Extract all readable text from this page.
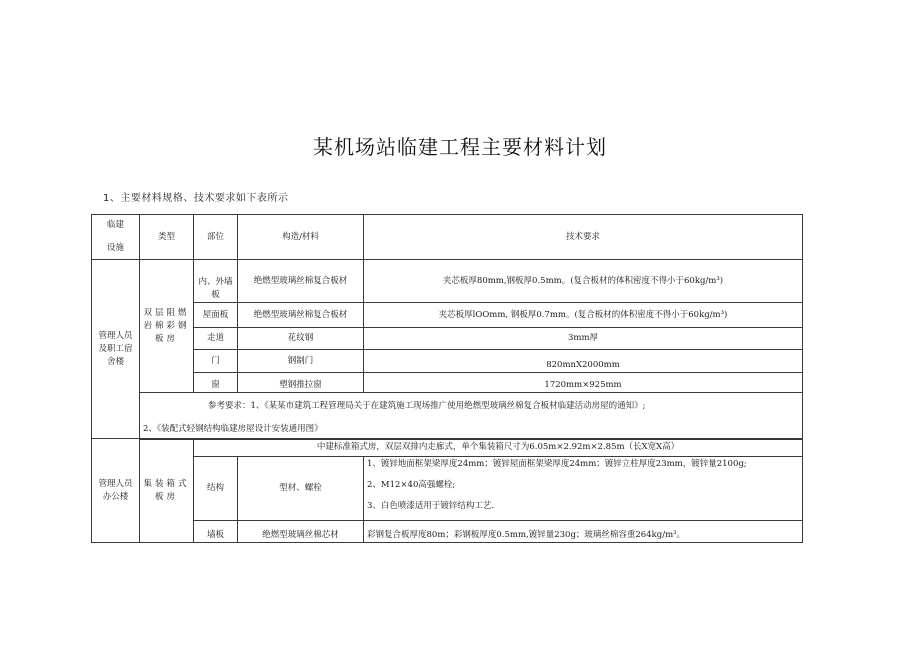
某机场站临建工程主要材料计划
1、主要材料规格、技术要求如下表所示
临建
设施	类型	部位	构造/材料	技术要求
管理人员及职工宿舍楼	双层阻燃岩棉彩钢板房	内、外墙板	绝燃型玻璃丝棉复合板材	夹芯板厚80mm,钢板厚0.5mm。(复合板材的体积密度不得小于60kg/m³)
		屋面板	绝燃型玻璃丝棉复合板材	夹芯板厚lOOmm, 钢板厚0.7mm。(复合板材的体积密度不得小于60kg/m³)
		走道	花纹钢	3mm厚
		门	钢制门	820mnX2000mm
		窗	塑钢推拉窗	1720mm×925mm
	参考要求：1、《某某市建筑工程管理局关于在建筑施工现场推广使用绝燃型玻璃丝棉复合板材临建活动房屋的通知》;			
	2、《装配式轻钢结构临建房屋设计安装通用图》			
管理人员办公楼	集装箱式板房	中建标准箱式房，双层双排内走廊式，单个集装箱尺寸为6.05m×2.92m×2.85m（长X宽X高）		
		结构	型材、螺栓	1、镀锌地面框架梁厚度24mm；镀锌屋面框架梁厚度24mm；镀锌立柱厚度23mm，镀锌量2100g;
2、M12×40高强螺栓;
3、白色喷漆适用于镀锌结构工艺.

		墙板	绝燃型玻璃丝棉芯材	彩钢复合板厚度80m；彩钢板厚度0.5mm,镀锌量230g；玻璃丝棉容重264kg/m³。
